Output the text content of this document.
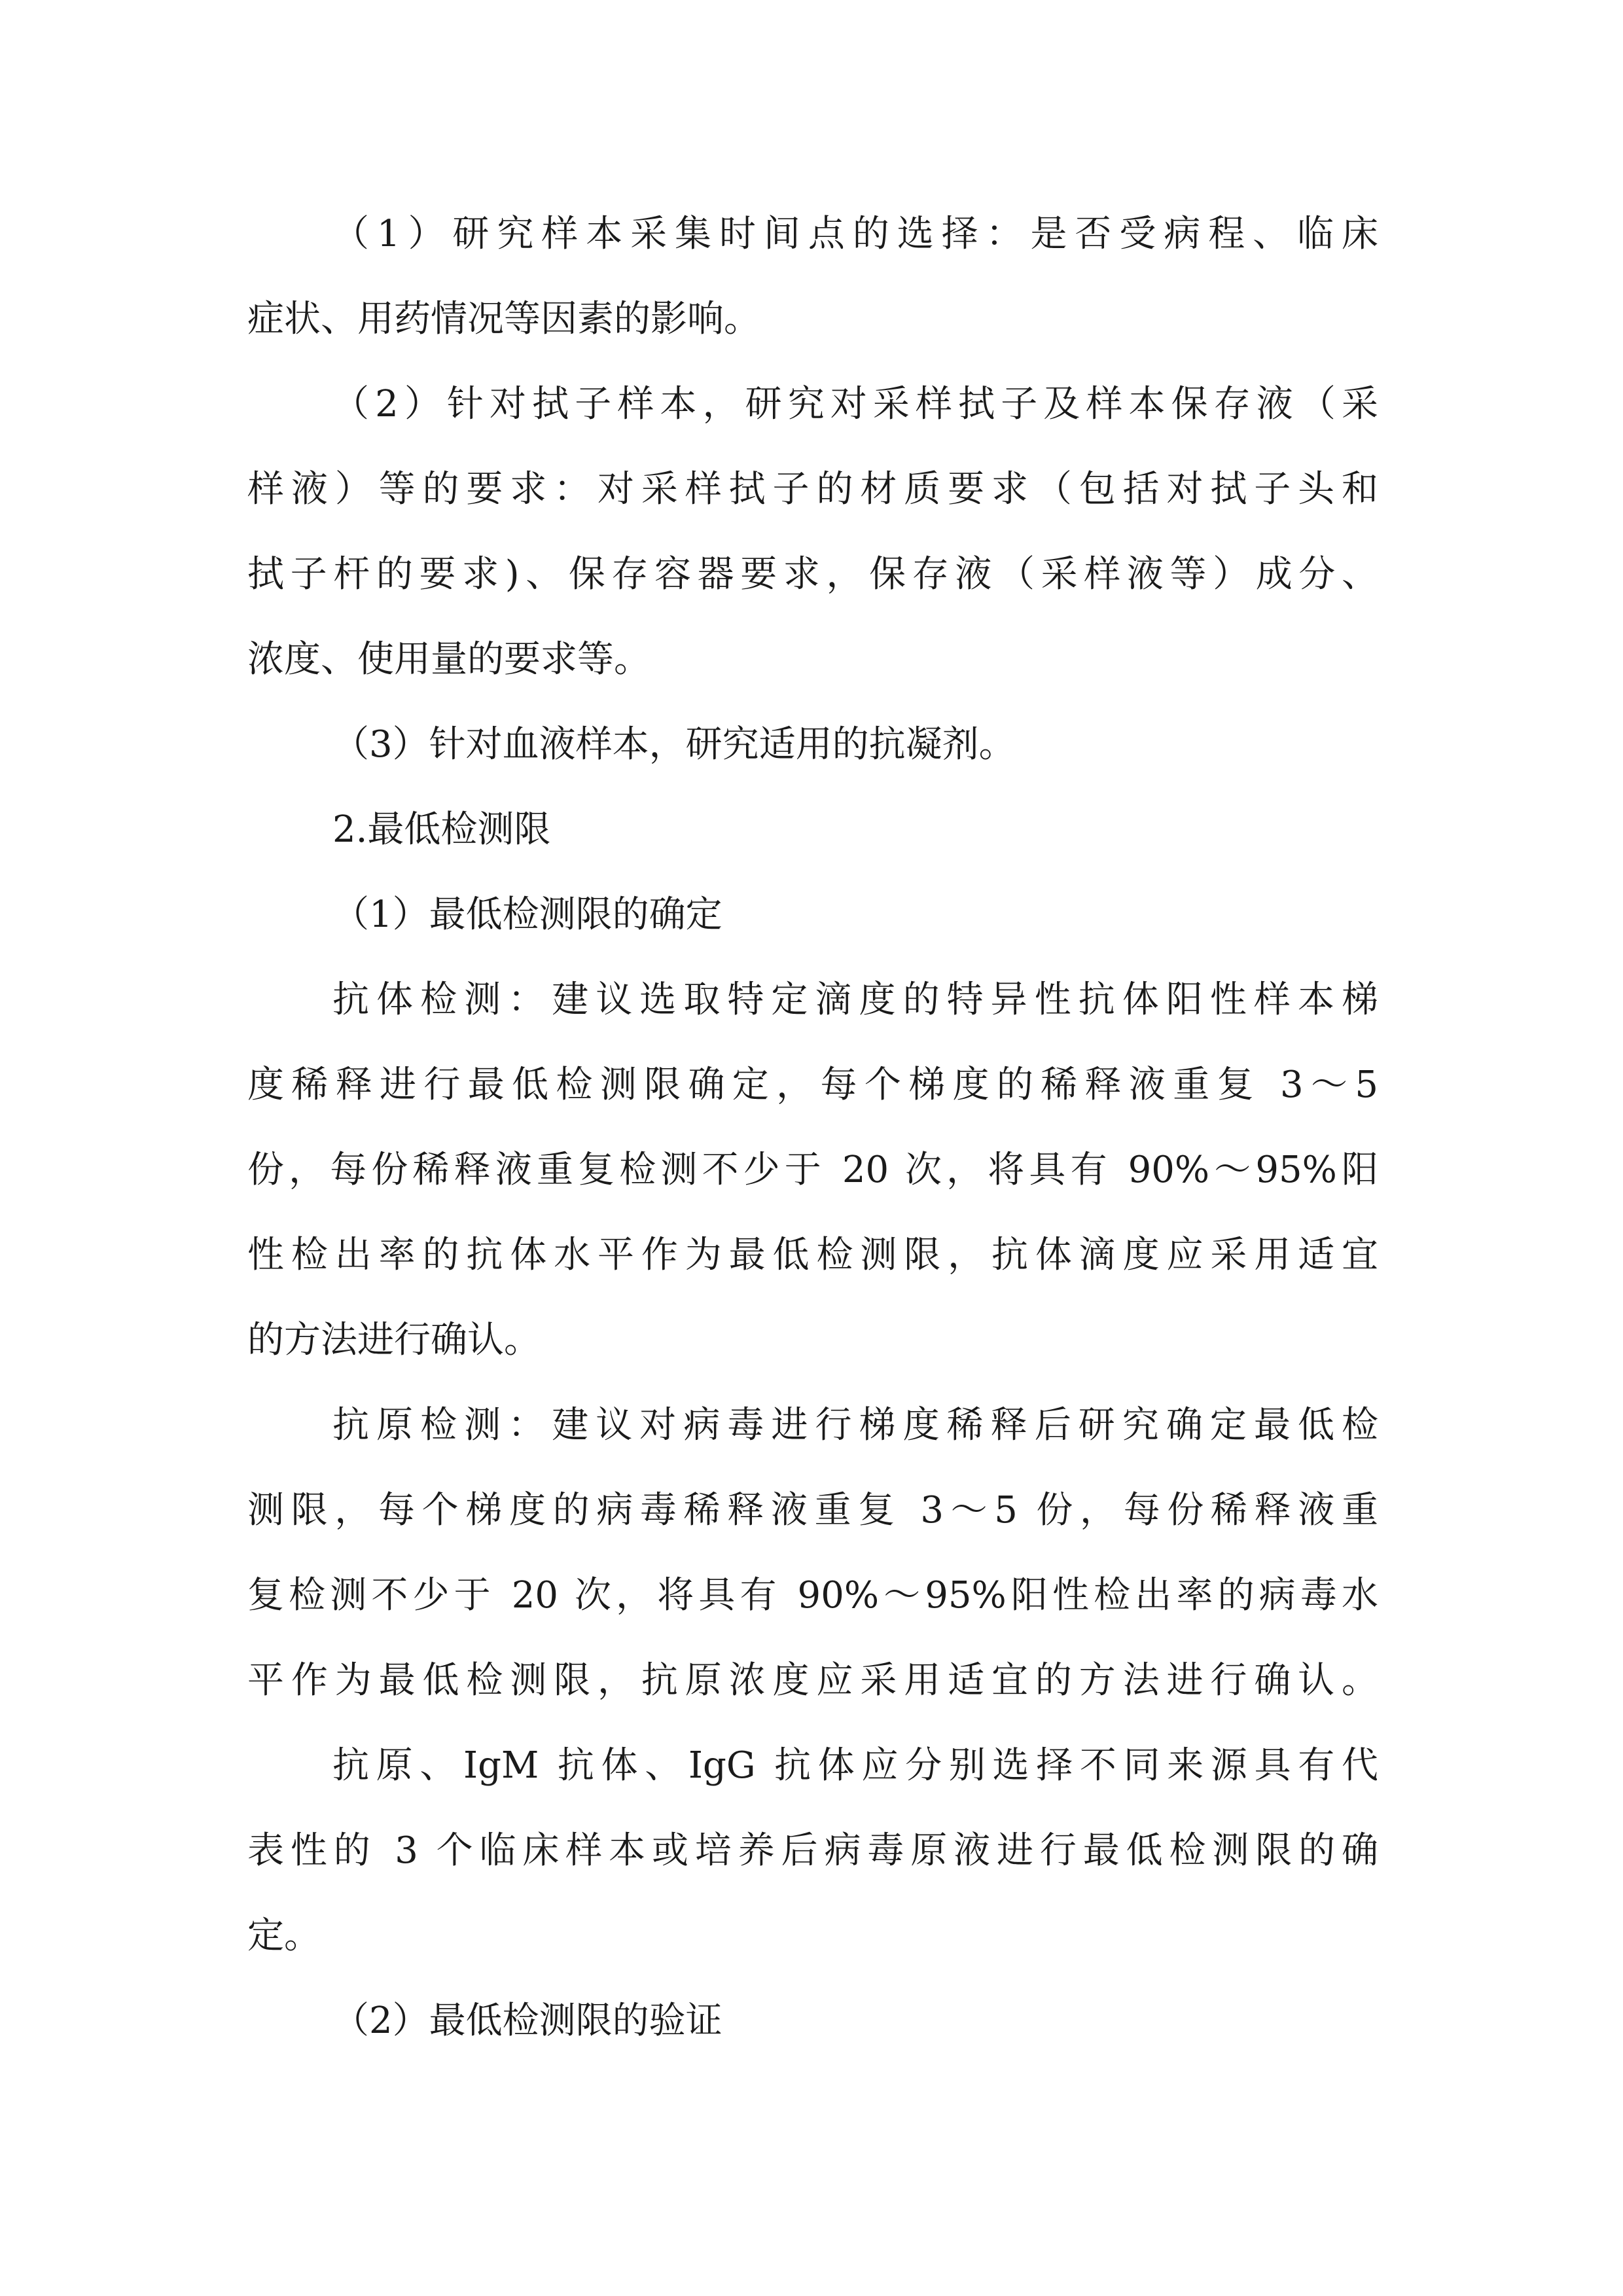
（1）研究样本采集时间点的选择：是否受病程、临床

症状、用药情况等因素的影响。

（2）针对拭子样本，研究对采样拭子及样本保存液（采

样液）等的要求：对采样拭子的材质要求（包括对拭子头和

拭子杆的要求)、保存容器要求，保存液（采样液等）成分、

浓度、使用量的要求等。

（3）针对血液样本，研究适用的抗凝剂。

2.最低检测限

（1）最低检测限的确定

抗体检测：建议选取特定滴度的特异性抗体阳性样本梯

度稀释进行最低检测限确定，每个梯度的稀释液重复 3～5

份，每份稀释液重复检测不少于 20 次，将具有 90%～95%阳

性检出率的抗体水平作为最低检测限，抗体滴度应采用适宜

的方法进行确认。

抗原检测：建议对病毒进行梯度稀释后研究确定最低检

测限，每个梯度的病毒稀释液重复 3～5 份，每份稀释液重

复检测不少于 20 次，将具有 90%～95%阳性检出率的病毒水

平作为最低检测限，抗原浓度应采用适宜的方法进行确认。

抗原、IgM 抗体、IgG 抗体应分别选择不同来源具有代

表性的 3 个临床样本或培养后病毒原液进行最低检测限的确

定。

（2）最低检测限的验证
